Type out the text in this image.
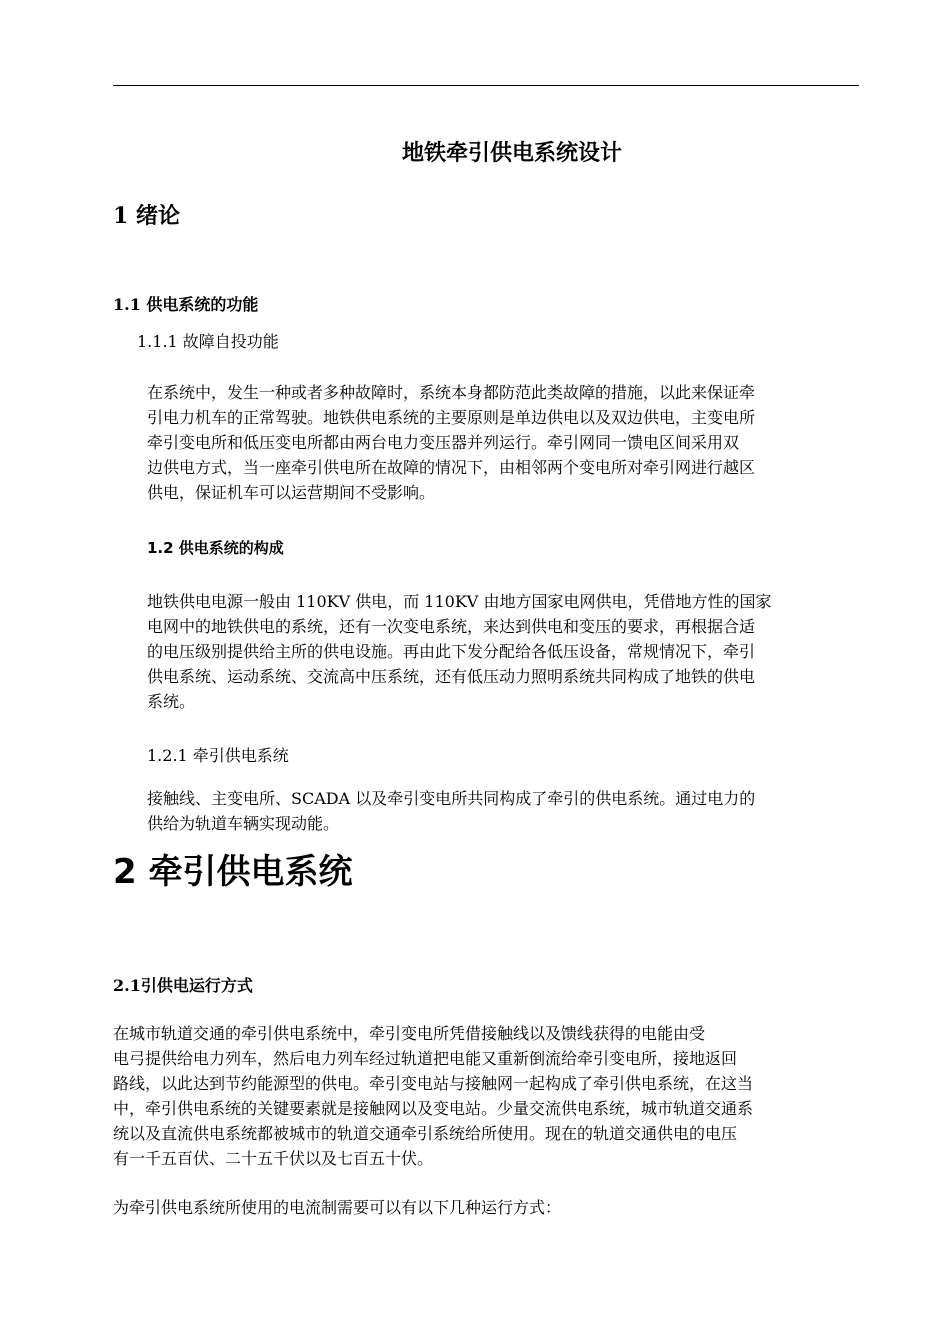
地铁牵引供电系统设计
1 绪论
1.1 供电系统的功能
1.1.1 故障自投功能

在系统中，发生一种或者多种故障时，系统本身都防范此类故障的措施，以此来保证牵
引电力机车的正常驾驶。地铁供电系统的主要原则是单边供电以及双边供电，主变电所
牵引变电所和低压变电所都由两台电力变压器并列运行。牵引网同一馈电区间采用双
边供电方式，当一座牵引供电所在故障的情况下，由相邻两个变电所对牵引网进行越区
供电，保证机车可以运营期间不受影响。

1.2 供电系统的构成

地铁供电电源一般由 110KV 供电，而 110KV 由地方国家电网供电，凭借地方性的国家
电网中的地铁供电的系统，还有一次变电系统，来达到供电和变压的要求，再根据合适
的电压级别提供给主所的供电设施。再由此下发分配给各低压设备，常规情况下，牵引
供电系统、运动系统、交流高中压系统，还有低压动力照明系统共同构成了地铁的供电
系统。

1.2.1 牵引供电系统

接触线、主变电所、SCADA 以及牵引变电所共同构成了牵引的供电系统。通过电力的
供给为轨道车辆实现动能。

2 牵引供电系统
2.1引供电运行方式

在城市轨道交通的牵引供电系统中，牵引变电所凭借接触线以及馈线获得的电能由受
电弓提供给电力列车，然后电力列车经过轨道把电能又重新倒流给牵引变电所，接地返回
路线，以此达到节约能源型的供电。牵引变电站与接触网一起构成了牵引供电系统，在这当
中，牵引供电系统的关键要素就是接触网以及变电站。少量交流供电系统，城市轨道交通系
统以及直流供电系统都被城市的轨道交通牵引系统给所使用。现在的轨道交通供电的电压
有一千五百伏、二十五千伏以及七百五十伏。

为牵引供电系统所使用的电流制需要可以有以下几种运行方式：
